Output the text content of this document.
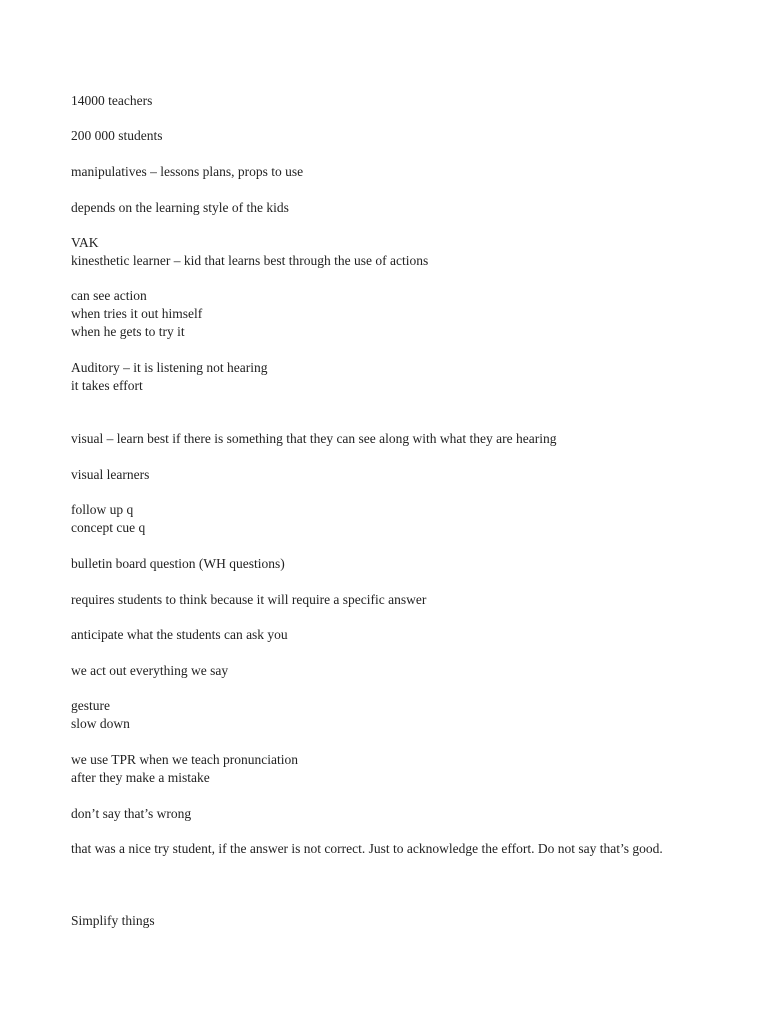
14000 teachers

200 000 students

manipulatives – lessons plans, props to use

depends on the learning style of the kids

VAK

kinesthetic learner – kid that learns best through the use of actions

can see action

when tries it out himself

when he gets to try it

Auditory – it is listening not hearing

it takes effort

visual – learn best if there is something that they can see along with what they are hearing

visual learners

follow up q

concept cue q

bulletin board question (WH questions)

requires students to think because it will require a specific answer

anticipate what the students can ask you

we act out everything we say

gesture

slow down

we use TPR when we teach pronunciation

after they make a mistake

don’t say that’s wrong

that was a nice try student, if the answer is not correct. Just to acknowledge the effort. Do not say that’s good.

Simplify things
